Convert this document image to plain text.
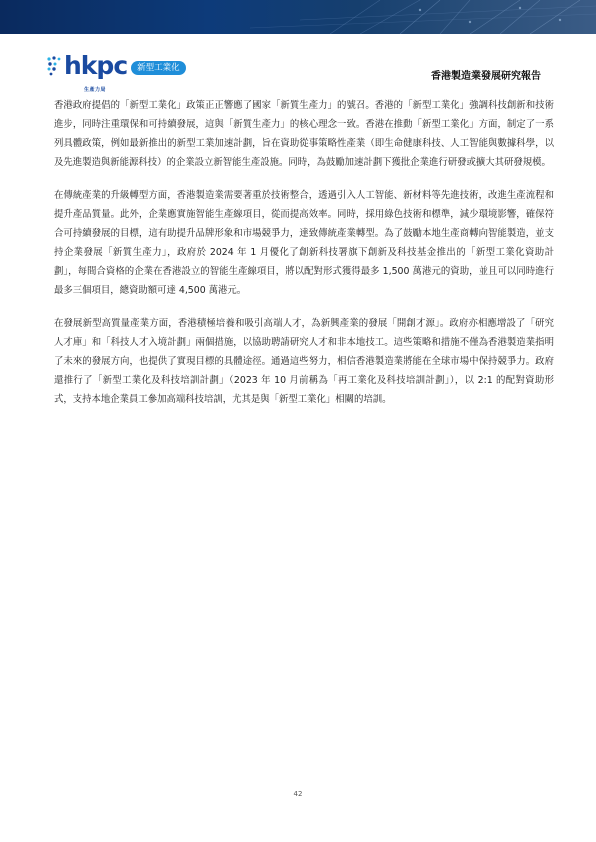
hkpc
生產力局
新型工業化
香港製造業發展研究報告

香港政府提倡的「新型工業化」政策正正響應了國家「新質生產力」的號召。香港的「新型工業化」強調科技創新和技術進步，同時注重環保和可持續發展，這與「新質生產力」的核心理念一致。香港在推動「新型工業化」方面，制定了一系列具體政策，例如最新推出的新型工業加速計劃，旨在資助從事策略性產業（即生命健康科技、人工智能與數據科學，以及先進製造與新能源科技）的企業設立新智能生產設施。同時，為鼓勵加速計劃下獲批企業進行研發或擴大其研發規模。

在傳統產業的升級轉型方面，香港製造業需要著重於技術整合，透過引入人工智能、新材料等先進技術，改進生產流程和提升產品質量。此外，企業應實施智能生產線項目，從而提高效率。同時，採用綠色技術和標準，減少環境影響，確保符合可持續發展的目標，這有助提升品牌形象和市場競爭力，達致傳統產業轉型。為了鼓勵本地生產商轉向智能製造，並支持企業發展「新質生產力」，政府於 2024 年 1 月優化了創新科技署旗下創新及科技基金推出的「新型工業化資助計劃」，每間合資格的企業在香港設立的智能生產線項目，將以配對形式獲得最多 1,500 萬港元的資助，並且可以同時進行最多三個項目，總資助額可達 4,500 萬港元。

在發展新型高質量產業方面，香港積極培養和吸引高端人才，為新興產業的發展「開創才源」。政府亦相應增設了「研究人才庫」和「科技人才入境計劃」兩個措施，以協助聘請研究人才和非本地技工。這些策略和措施不僅為香港製造業指明了未來的發展方向，也提供了實現目標的具體途徑。通過這些努力，相信香港製造業將能在全球市場中保持競爭力。政府還推行了「新型工業化及科技培訓計劃」（2023 年 10 月前稱為「再工業化及科技培訓計劃」），以 2:1 的配對資助形式，支持本地企業員工參加高端科技培訓，尤其是與「新型工業化」相關的培訓。

42
